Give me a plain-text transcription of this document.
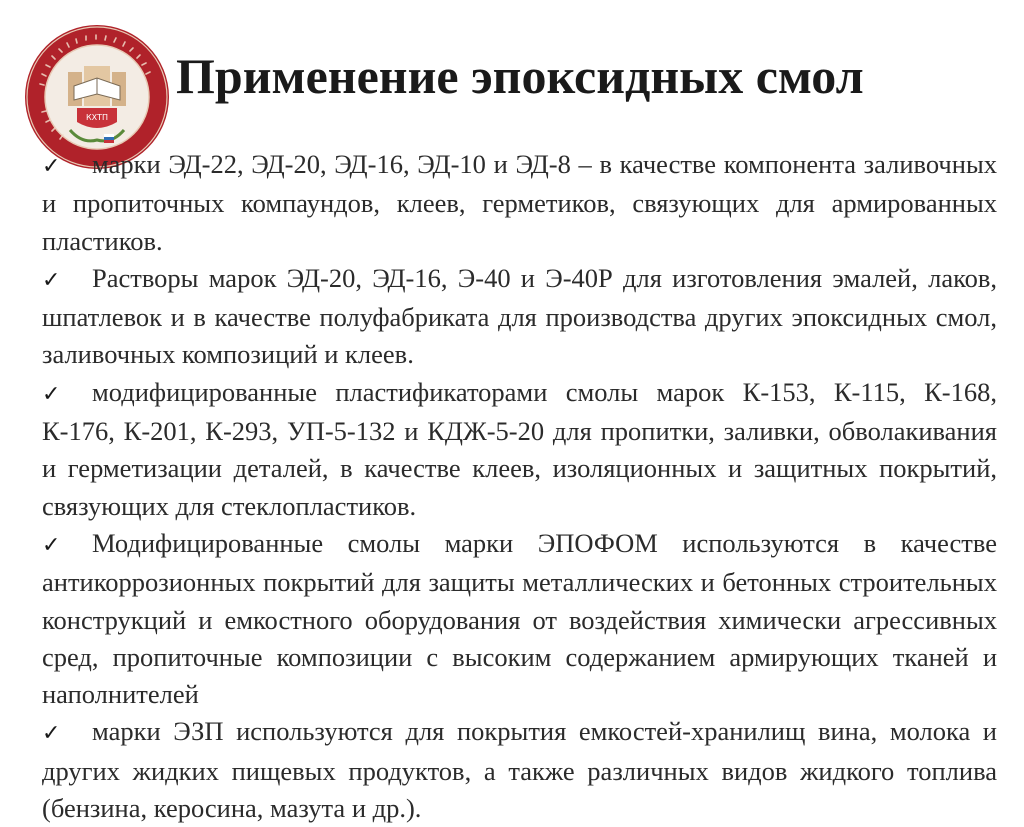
КХТП
Применение эпоксидных смол
✓ марки ЭД-22, ЭД-20, ЭД-16, ЭД-10 и ЭД-8 – в качестве компонента заливочных и пропиточных компаундов, клеев, герметиков, связующих для армированных пластиков.
✓ Растворы марок ЭД-20, ЭД-16, Э-40 и Э-40Р для изготовления эмалей, лаков, шпатлевок и в качестве полуфабриката для производства других эпоксидных смол, заливочных композиций и клеев.
✓ модифицированные пластификаторами смолы марок К-153, К-115, К-168, К-176, К-201, К-293, УП-5-132 и КДЖ-5-20 для пропитки, заливки, обволакивания и герметизации деталей, в качестве клеев, изоляционных и защитных покрытий, связующих для стеклопластиков.
✓ Модифицированные смолы марки ЭПОФОМ используются в качестве антикоррозионных покрытий для защиты металлических и бетонных строительных конструкций и емкостного оборудования от воздействия химически агрессивных сред, пропиточные композиции с высоким содержанием армирующих тканей и наполнителей
✓ марки ЭЗП используются для покрытия емкостей-хранилищ вина, молока и других жидких пищевых продуктов, а также различных видов жидкого топлива (бензина, керосина, мазута и др.).
